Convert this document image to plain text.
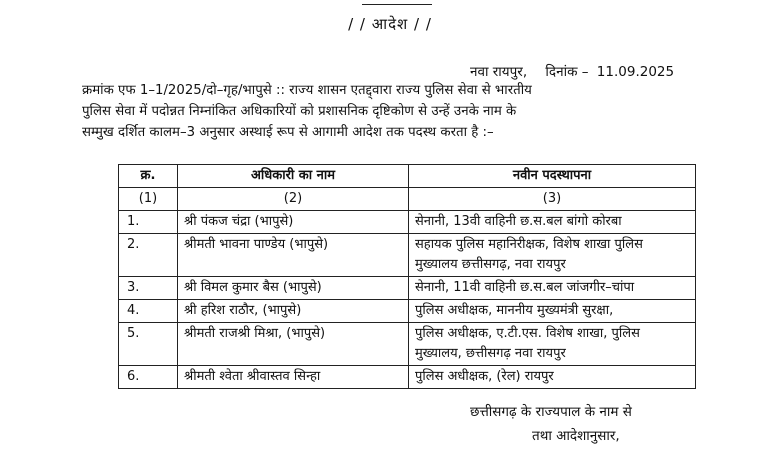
/ / आदेश / /
नवा रायपुर, दिनांक – 11.09.2025
क्रमांक एफ 1–1/2025/दो–गृह/भापुसे :: राज्य शासन एतद्द्वारा राज्य पुलिस सेवा से भारतीय
पुलिस सेवा में पदोन्नत निम्नांकित अधिकारियों को प्रशासनिक दृष्टिकोण से उन्हें उनके नाम के
सम्मुख दर्शित कालम–3 अनुसार अस्थाई रूप से आगामी आदेश तक पदस्थ करता है :–
क्र.	अधिकारी का नाम	नवीन पदस्थापना
(1)	(2)	(3)
1.	श्री पंकज चंद्रा (भापुसे)	सेनानी, 13वी वाहिनी छ.स.बल बांगो कोरबा
2.	श्रीमती भावना पाण्डेय (भापुसे)	सहायक पुलिस महानिरीक्षक, विशेष शाखा पुलिस मुख्यालय छत्तीसगढ़, नवा रायपुर
3.	श्री विमल कुमार बैस (भापुसे)	सेनानी, 11वी वाहिनी छ.स.बल जांजगीर–चांपा
4.	श्री हरिश राठौर, (भापुसे)	पुलिस अधीक्षक, माननीय मुख्यमंत्री सुरक्षा,
5.	श्रीमती राजश्री मिश्रा, (भापुसे)	पुलिस अधीक्षक, ए.टी.एस. विशेष शाखा, पुलिस मुख्यालय, छत्तीसगढ़ नवा रायपुर
6.	श्रीमती श्वेता श्रीवास्तव सिन्हा	पुलिस अधीक्षक, (रेल) रायपुर
छत्तीसगढ़ के राज्यपाल के नाम से
तथा आदेशानुसार,
